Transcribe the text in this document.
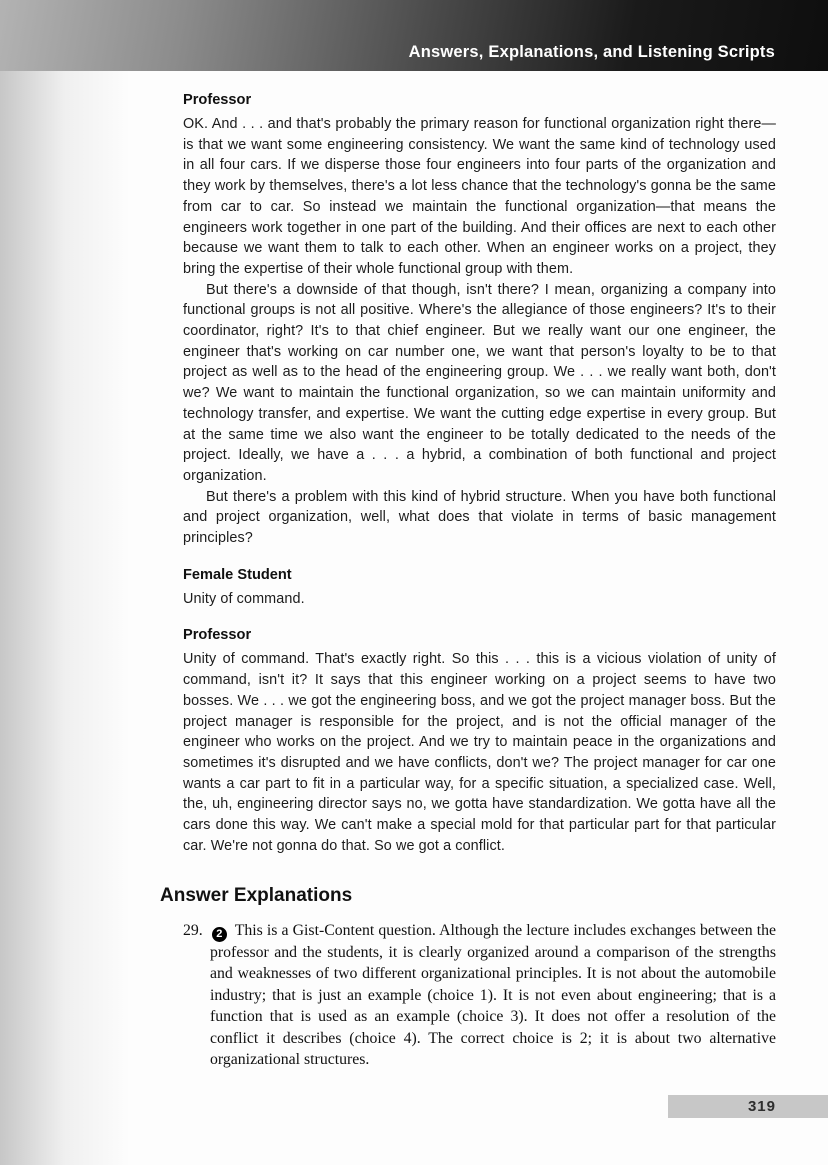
Answers, Explanations, and Listening Scripts
Professor

OK. And . . . and that's probably the primary reason for functional organization right there—is that we want some engineering consistency. We want the same kind of technology used in all four cars. If we disperse those four engineers into four parts of the organization and they work by themselves, there's a lot less chance that the technology's gonna be the same from car to car. So instead we maintain the functional organization—that means the engineers work together in one part of the building. And their offices are next to each other because we want them to talk to each other. When an engineer works on a project, they bring the expertise of their whole functional group with them.

But there's a downside of that though, isn't there? I mean, organizing a company into functional groups is not all positive. Where's the allegiance of those engineers? It's to their coordinator, right? It's to that chief engineer. But we really want our one engineer, the engineer that's working on car number one, we want that person's loyalty to be to that project as well as to the head of the engineering group. We . . . we really want both, don't we? We want to maintain the functional organization, so we can maintain uniformity and technology transfer, and expertise. We want the cutting edge expertise in every group. But at the same time we also want the engineer to be totally dedicated to the needs of the project. Ideally, we have a . . . a hybrid, a combination of both functional and project organization.

But there's a problem with this kind of hybrid structure. When you have both functional and project organization, well, what does that violate in terms of basic management principles?

Female Student

Unity of command.

Professor

Unity of command. That's exactly right. So this . . . this is a vicious violation of unity of command, isn't it? It says that this engineer working on a project seems to have two bosses. We . . . we got the engineering boss, and we got the project manager boss. But the project manager is responsible for the project, and is not the official manager of the engineer who works on the project. And we try to maintain peace in the organizations and sometimes it's disrupted and we have conflicts, don't we? The project manager for car one wants a car part to fit in a particular way, for a specific situation, a specialized case. Well, the, uh, engineering director says no, we gotta have standardization. We gotta have all the cars done this way. We can't make a special mold for that particular part for that particular car. We're not gonna do that. So we got a conflict.

Answer Explanations
29. 2 This is a Gist-Content question. Although the lecture includes exchanges between the professor and the students, it is clearly organized around a comparison of the strengths and weaknesses of two different organizational principles. It is not about the automobile industry; that is just an example (choice 1). It is not even about engineering; that is a function that is used as an example (choice 3). It does not offer a resolution of the conflict it describes (choice 4). The correct choice is 2; it is about two alternative organizational structures.
319
